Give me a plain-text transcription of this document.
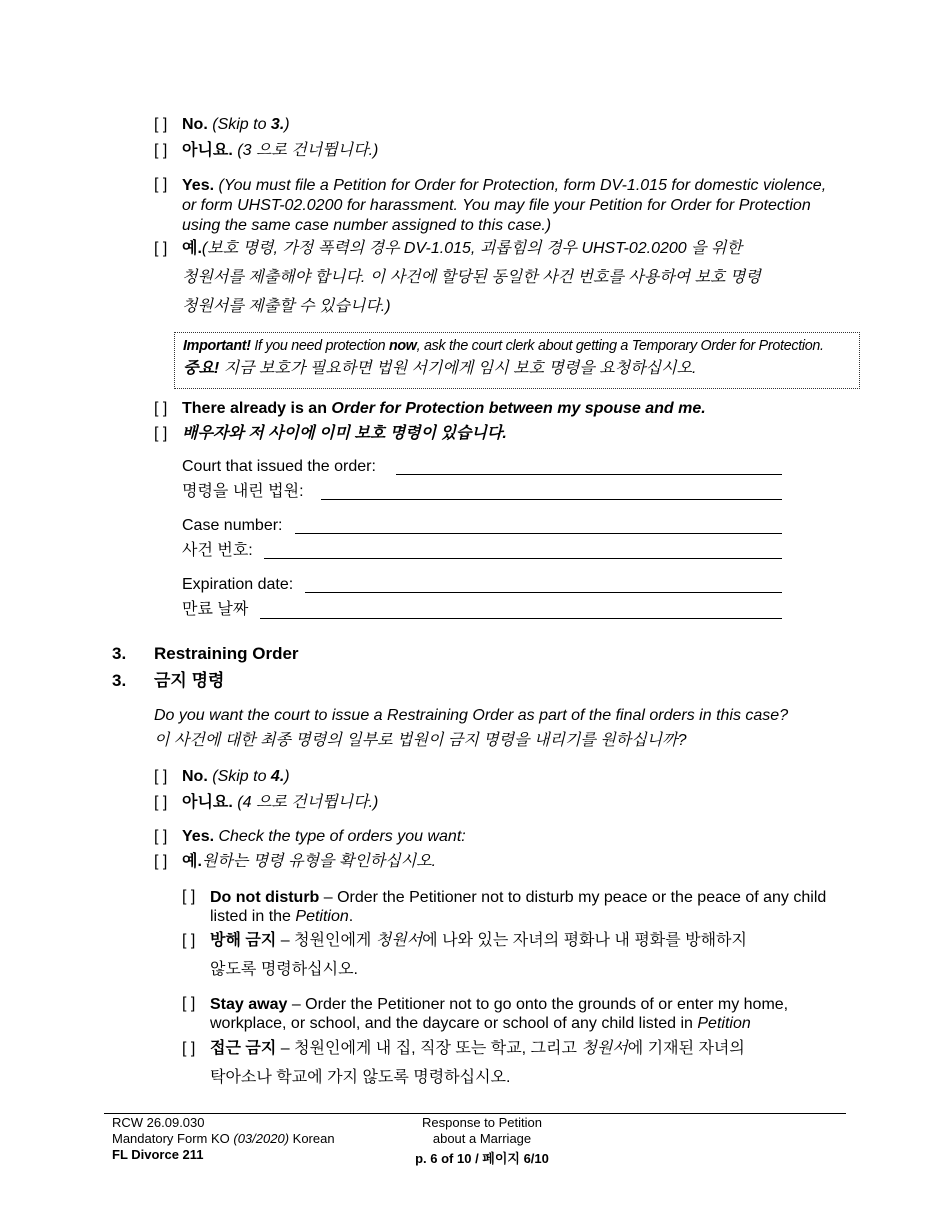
[ ] No. (Skip to 3.)
[ ] 아니요. (3 으로 건너뜁니다.)
[ ] Yes. (You must file a Petition for Order for Protection, form DV-1.015 for domestic violence, or form UHST-02.0200 for harassment. You may file your Petition for Order for Protection using the same case number assigned to this case.)
[ ] 예.(보호 명령, 가정 폭력의 경우 DV-1.015, 괴롭힘의 경우 UHST-02.0200 을 위한
청원서를 제출해야 합니다. 이 사건에 할당된 동일한 사건 번호를 사용하여 보호 명령
청원서를 제출할 수 있습니다.)
Important! If you need protection now, ask the court clerk about getting a Temporary Order for Protection.
중요! 지금 보호가 필요하면 법원 서기에게 임시 보호 명령을 요청하십시오.
[ ] There already is an Order for Protection between my spouse and me.
[ ] 배우자와 저 사이에 이미 보호 명령이 있습니다.
Court that issued the order:
명령을 내린 법원:
Case number:
사건 번호:
Expiration date:
만료 날짜
3. Restraining Order
3. 금지 명령
Do you want the court to issue a Restraining Order as part of the final orders in this case?
이 사건에 대한 최종 명령의 일부로 법원이 금지 명령을 내리기를 원하십니까?
[ ] No. (Skip to 4.)
[ ] 아니요. (4 으로 건너뜁니다.)
[ ] Yes. Check the type of orders you want:
[ ] 예.원하는 명령 유형을 확인하십시오.
[ ] Do not disturb – Order the Petitioner not to disturb my peace or the peace of any child listed in the Petition.
[ ] 방해 금지 – 청원인에게 청원서에 나와 있는 자녀의 평화나 내 평화를 방해하지
않도록 명령하십시오.
[ ] Stay away – Order the Petitioner not to go onto the grounds of or enter my home, workplace, or school, and the daycare or school of any child listed in Petition
[ ] 접근 금지 – 청원인에게 내 집, 직장 또는 학교, 그리고 청원서에 기재된 자녀의
탁아소나 학교에 가지 않도록 명령하십시오.
RCW 26.09.030
Mandatory Form KO (03/2020) Korean
FL Divorce 211
Response to Petition
about a Marriage
p. 6 of 10 / 페이지 6/10
